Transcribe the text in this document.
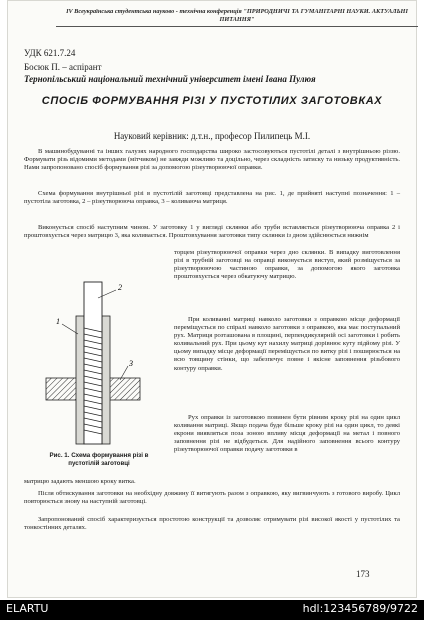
IV Всеукраїнська студентська науково - технічна конференція "ПРИРОДНИЧІ ТА ГУМАНІТАРНІ НАУКИ. АКТУАЛЬНІ ПИТАННЯ"
УДК 621.7.24
Босюк П. – аспірант
Тернопільський національний технічний університет імені Івана Пулюя
СПОСІБ ФОРМУВАННЯ РІЗІ У ПУСТОТІЛИХ ЗАГОТОВКАХ
Науковий керівник: д.т.н., професор Пилипець М.І.
В машинобудуванні та інших галузях народного господарства широко застосовуються пустотілі деталі з внутрішньою різзю. Формувати різь відомими методами (мітчиком) не завжди можливо та доцільно, через складність затиску та низьку продуктивність. Нами запропоновано спосіб формування різі за допомогою різеутворюючої оправки.
Схема формування внутрішньої різі в пустотілій заготовці представлена на рис. 1, де прийняті наступні позначення: 1 – пустотіла заготовка, 2 – різеутворююча оправка, 3 – коливаюча матриця.
Виконується спосіб наступним чином. У заготовку 1 у вигляді склянки або труби вставляється різеутворююча оправка 2 і проштовхується через матрицю 3, яка коливається. Проштовхування заготовки типу склянки із дном здійснюється нижнім
торцем різеутворюючої оправки через дно склянки. В випадку виготовлення різі в трубній заготовці на оправці виконується виступ, який розміщується за різеутворюючою частиною оправки, за допомогою якого заготовка проштовхується через обкатуючу матрицю.
При коливанні матриці навколо заготовки з оправкою місце деформації переміщується по спіралі навколо заготовки з оправкою, яка має поступальний рух. Матриця розташована в площині, перпендикулярній осі заготовки і робить коливальний рух. При цьому кут нахилу матриці дорівнює куту підйому різі. У цьому випадку місце деформації переміщується по витку різі і поширюється на всю товщину стінки, що забезпечує повне і якісне заповнення різьбового контуру оправки.
Рух оправки із заготовкою повинен бути рівним кроку різі на один цикл коливання матриці. Якщо подача буде більше кроку різі на один цикл, то деякі екрони виявляться поза зоною впливу місця деформації на метал і повного заповнення різі не відбудеться. Для надійного заповнення всього контуру різеутворюючої оправки подачу заготовки в
матрицю задають меншою кроку витка.
Після обтискування заготовки на необхідну довжину її витягують разом з оправкою, яку вигвинчують з готового виробу. Цикл повторюється знову на наступній заготовці.
Запропонований спосіб характеризується простотою конструкції та дозволяє отримувати різі високої якості у пустотілих та тонкостінних деталях.
1
2
3
Рис. 1. Схема формування різі в пустотілій заготовці
173
ELARTU	hdl:123456789/9722
